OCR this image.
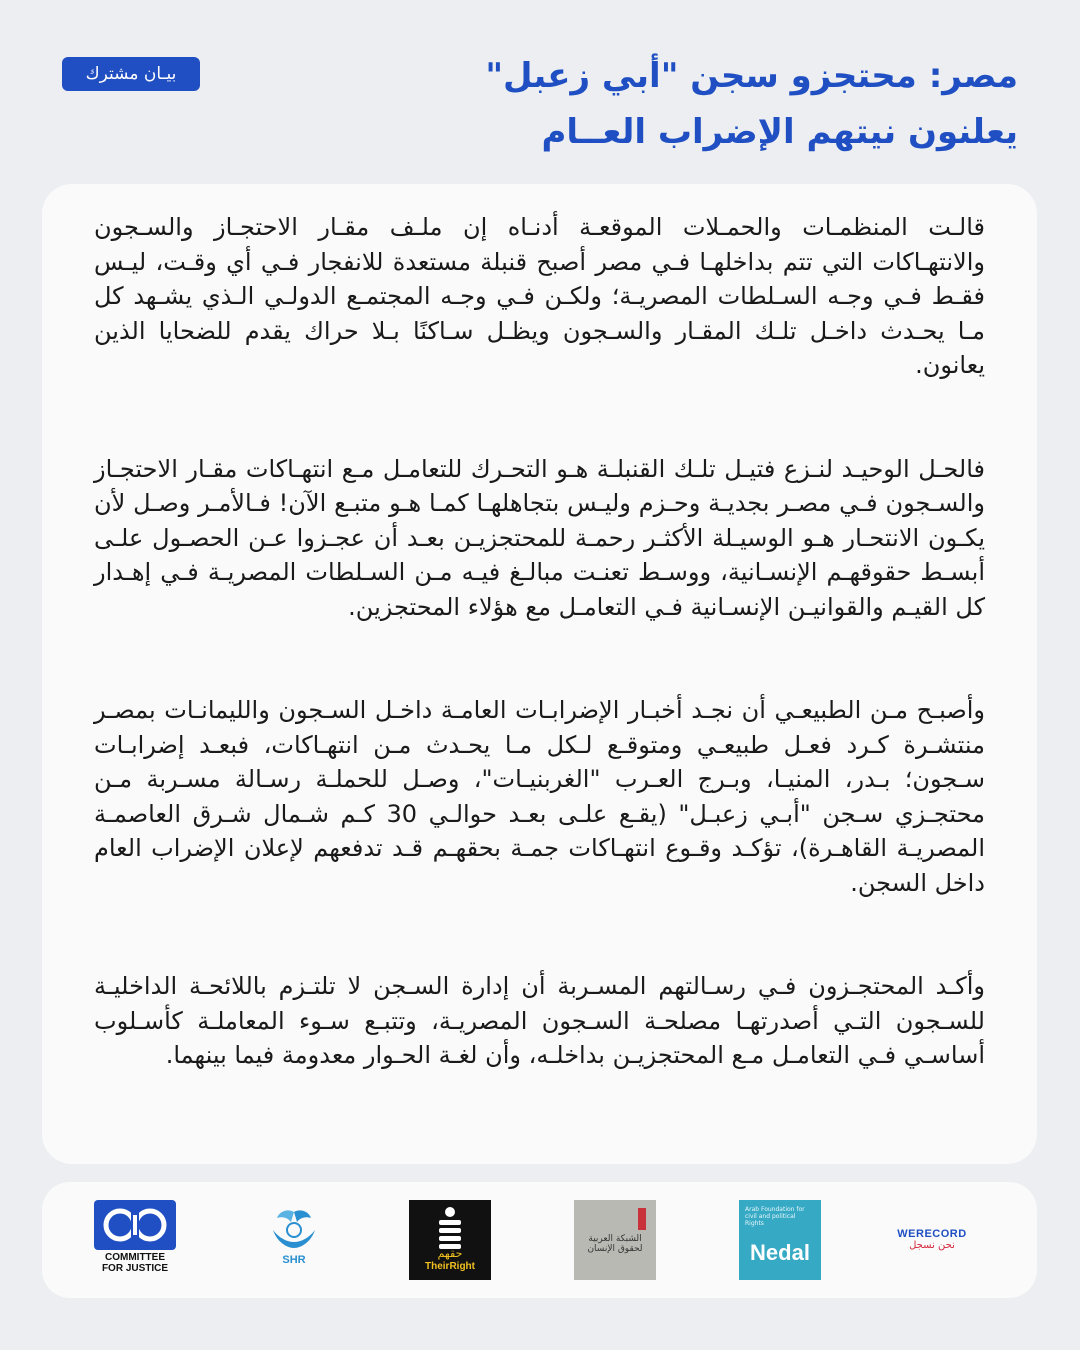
بيـان مشترك	مصر: محتجزو سجن "أبي زعبل"
يعلنون نيتهم الإضراب العــام

قالـت المنظمـات والحمـلات الموقعـة أدنـاه إن ملـف مقـار الاحتجـاز والسـجون والانتهـاكات التي تتم بداخلهـا فـي مصر أصبح قنبلة مستعدة للانفجار فـي أي وقـت، ليـس فقـط فـي وجـه السـلطات المصريـة؛ ولكـن فـي وجـه المجتمـع الدولـي الـذي يشـهد كل مـا يحـدث داخـل تلـك المقـار والسـجون ويظـل سـاكنًا بـلا حراك يقدم للضحايا الذين يعانون.

فالحـل الوحيـد لنـزع فتيـل تلـك القنبلـة هـو التحـرك للتعامـل مـع انتهـاكات مقـار الاحتجـاز والسـجون فـي مصـر بجديـة وحـزم وليـس بتجاهلهـا كمـا هـو متبـع الآن! فـالأمـر وصـل لأن يكـون الانتحـار هـو الوسيـلة الأكثـر رحمـة للمحتجزيـن بعـد أن عجـزوا عـن الحصـول علـى أبسـط حقوقهـم الإنسـانية، ووسـط تعنـت مبالـغ فيـه مـن السـلطات المصريـة فـي إهـدار كل القيـم والقوانيـن الإنسـانية فـي التعامـل مع هؤلاء المحتجزين.

وأصبـح مـن الطبيعـي أن نجـد أخبـار الإضرابـات العامـة داخـل السـجون والليمانـات بمصـر منتشـرة كـرد فعـل طبيعـي ومتوقـع لـكل مـا يحـدث مـن انتهـاكات، فبعـد إضرابـات سـجون؛ بـدر، المنيـا، وبـرج العـرب "الغربنيـات"، وصـل للحملـة رسـالة مسـربة مـن محتجـزي سـجن "أبـي زعبـل" (يقـع علـى بعـد حوالـي 30 كـم شـمال شـرق العاصمـة المصريـة القاهـرة)، تؤكـد وقـوع انتهـاكات جمـة بحقهـم قـد تدفعهم لإعلان الإضراب العام داخل السجن.

وأكـد المحتجـزون فـي رسـالتهم المسـربة أن إدارة السـجن لا تلتـزم باللائحـة الداخليـة للسـجون التـي أصدرتهـا مصلحـة السـجون المصريـة، وتتبـع سـوء المعاملـة كأسـلوب أساسـي فـي التعامـل مـع المحتجزيـن بداخلـه، وأن لغـة الحـوار معدومة فيما بينهما.

COMMITTEE FOR JUSTICE
SHR	حقهم
TheirRight
الشبكة العربية لحقوق الإنسان
Arab Foundation for civil and political Rights
Nedal
WERECORD
نحن نسجل
